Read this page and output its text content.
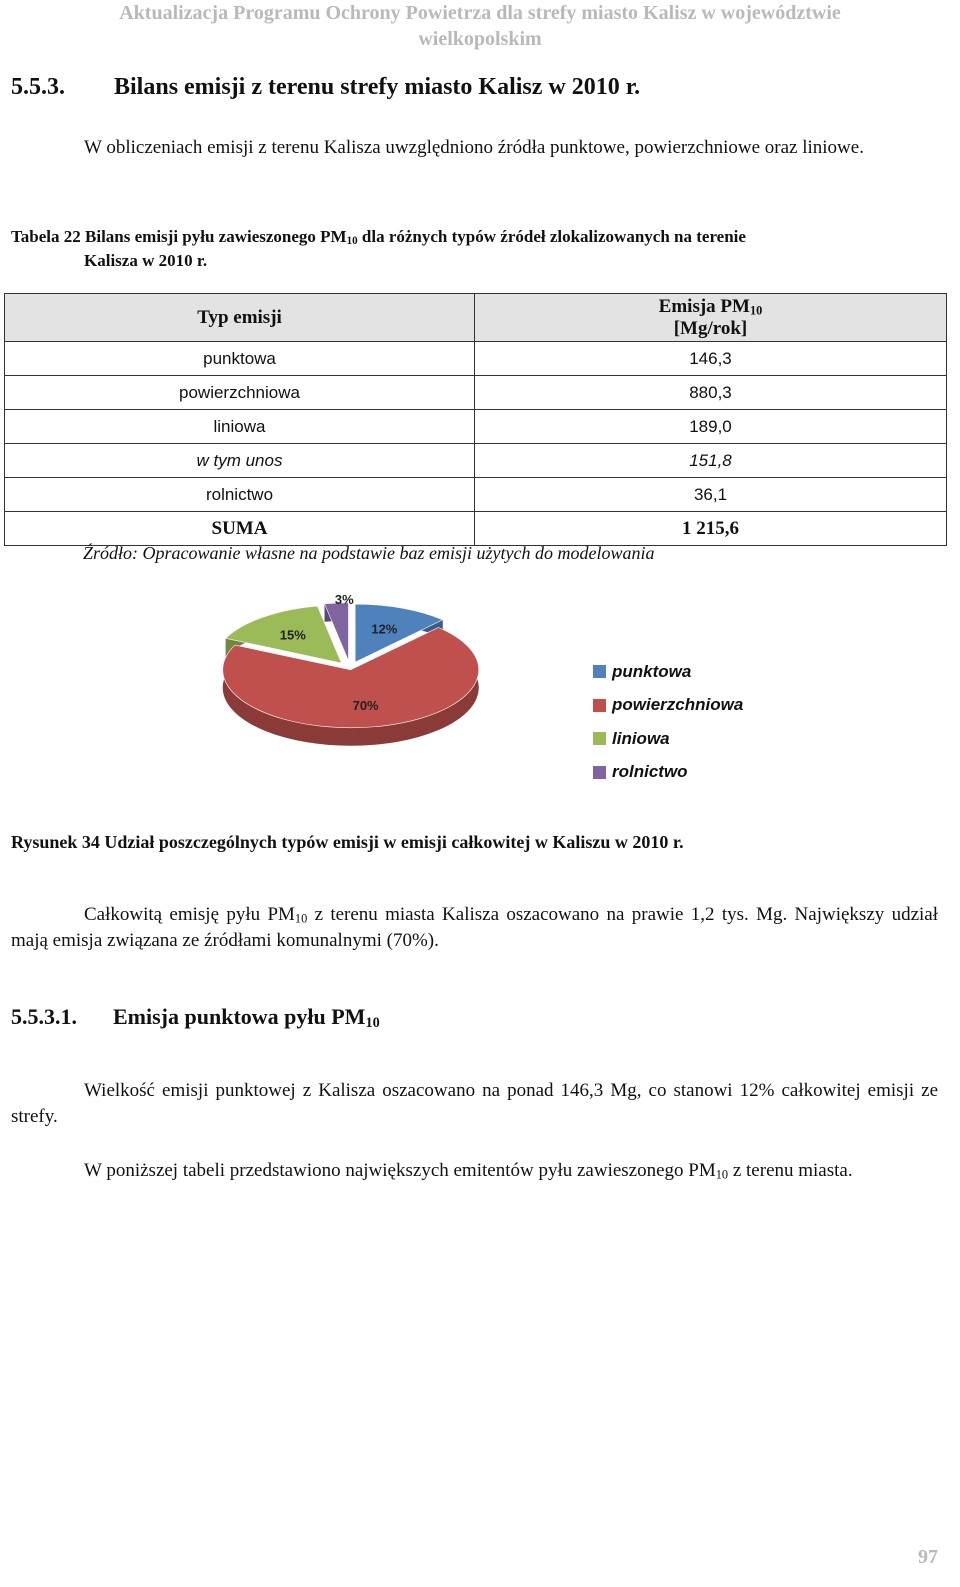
Aktualizacja Programu Ochrony Powietrza dla strefy miasto Kalisz w województwie
wielkopolskim
5.5.3. Bilans emisji z terenu strefy miasto Kalisz w 2010 r.
W obliczeniach emisji z terenu Kalisza uwzględniono źródła punktowe, powierzchniowe oraz liniowe.
Tabela 22 Bilans emisji pyłu zawieszonego $PM_{10}$ dla różnych typów źródeł zlokalizowanych na terenie
Kalisza w 2010 r.
Typ emisji	Emisja $PM_{10}$
[Mg/rok]
punktowa	146,3
powierzchniowa	880,3
liniowa	189,0
w tym unos	151,8
rolnictwo	36,1
SUMA	1 215,6
Źródło: Opracowanie własne na podstawie baz emisji użytych do modelowania
12%
70%
15%
3%
punktowa
powierzchniowa
liniowa
rolnictwo
Rysunek 34 Udział poszczególnych typów emisji w emisji całkowitej w Kaliszu w 2010 r.
Całkowitą emisję pyłu $PM_{10}$ z terenu miasta Kalisza oszacowano na prawie 1,2 tys. Mg. Największy udział mają emisja związana ze źródłami komunalnymi (70%).
5.5.3.1. Emisja punktowa pyłu $PM_{10}$
Wielkość emisji punktowej z Kalisza oszacowano na ponad 146,3 Mg, co stanowi 12% całkowitej emisji ze strefy.
W poniższej tabeli przedstawiono największych emitentów pyłu zawieszonego $PM_{10}$ z terenu miasta.
97
